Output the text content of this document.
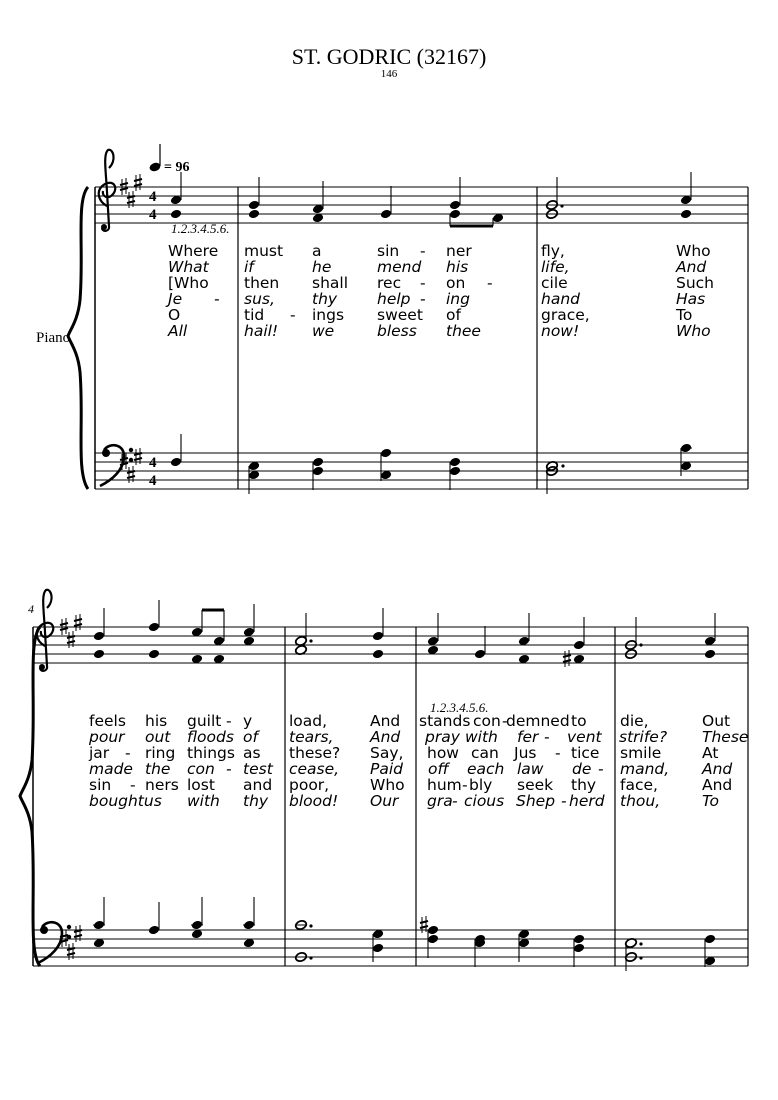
ST. GODRIC (32167)
146
= 96
Piano
4
4
4
4
1.2.3.4.5.6.
Where must a	sin - ner	fly,	Who
What if	he	mend his	life,	And
[Who then shall rec - on -	cile	Such
Je - sus, thy	help - ing	hand	Has
O	tid - ings sweet of	grace,	To
All	hail! we	bless thee	now!	Who
4
1.2.3.4.5.6.
feels his guilt - y load,	And stands con -
demned to die,	Out
pour out floods of tears, And pray with fer - vent strife? These
jar - ring things as these? Say, how can Jus - tice smile	At
made the con - test cease, Paid off each law de - mand, And
sin - ners lost and poor,	Who hum - bly seek thy face,	And
boughtus with thy blood! Our gra - cious Shep - herd thou,	To
